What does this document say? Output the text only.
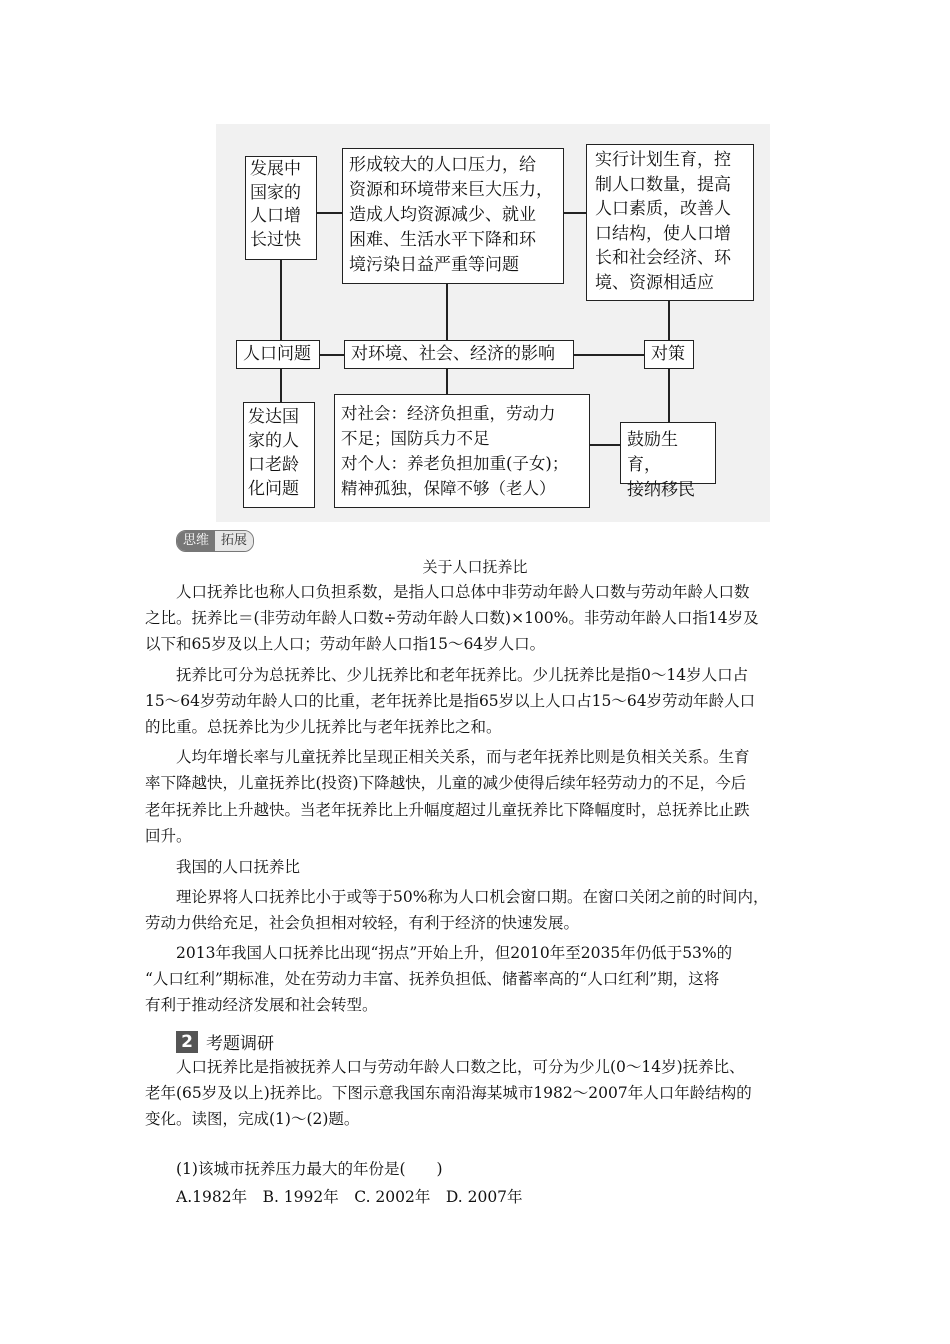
发展中
国家的
人口增
长过快
形成较大的人口压力，给
资源和环境带来巨大压力，
造成人均资源减少、就业
困难、生活水平下降和环
境污染日益严重等问题
实行计划生育，控
制人口数量，提高
人口素质，改善人
口结构，使人口增
长和社会经济、环
境、资源相适应
人口问题	对环境、社会、经济的影响	对策
发达国
家的人
口老龄
化问题
对社会：经济负担重，劳动力
不足；国防兵力不足
对个人：养老负担加重(子女)；
精神孤独，保障不够（老人）
鼓励生育，
接纳移民
思维 拓展
关于人口抚养比

人口抚养比也称人口负担系数，是指人口总体中非劳动年龄人口数与劳动年龄人口数

之比。抚养比＝(非劳动年龄人口数÷劳动年龄人口数)×100%。非劳动年龄人口指14岁及

以下和65岁及以上人口；劳动年龄人口指15～64岁人口。

抚养比可分为总抚养比、少儿抚养比和老年抚养比。少儿抚养比是指0～14岁人口占

15～64岁劳动年龄人口的比重，老年抚养比是指65岁以上人口占15～64岁劳动年龄人口

的比重。总抚养比为少儿抚养比与老年抚养比之和。

人均年增长率与儿童抚养比呈现正相关关系，而与老年抚养比则是负相关关系。生育

率下降越快，儿童抚养比(投资)下降越快，儿童的减少使得后续年轻劳动力的不足，今后

老年抚养比上升越快。当老年抚养比上升幅度超过儿童抚养比下降幅度时，总抚养比止跌

回升。

我国的人口抚养比

理论界将人口抚养比小于或等于50%称为人口机会窗口期。在窗口关闭之前的时间内，

劳动力供给充足，社会负担相对较轻，有利于经济的快速发展。

2013年我国人口抚养比出现“拐点”开始上升，但2010年至2035年仍低于53%的

“人口红利”期标准，处在劳动力丰富、抚养负担低、储蓄率高的“人口红利”期，这将

有利于推动经济发展和社会转型。

2 考题调研

人口抚养比是指被抚养人口与劳动年龄人口数之比，可分为少儿(0～14岁)抚养比、

老年(65岁及以上)抚养比。下图示意我国东南沿海某城市1982～2007年人口年龄结构的

变化。读图，完成(1)～(2)题。

(1)该城市抚养压力最大的年份是(　　)

A.1982年　B. 1992年　C. 2002年　D. 2007年
